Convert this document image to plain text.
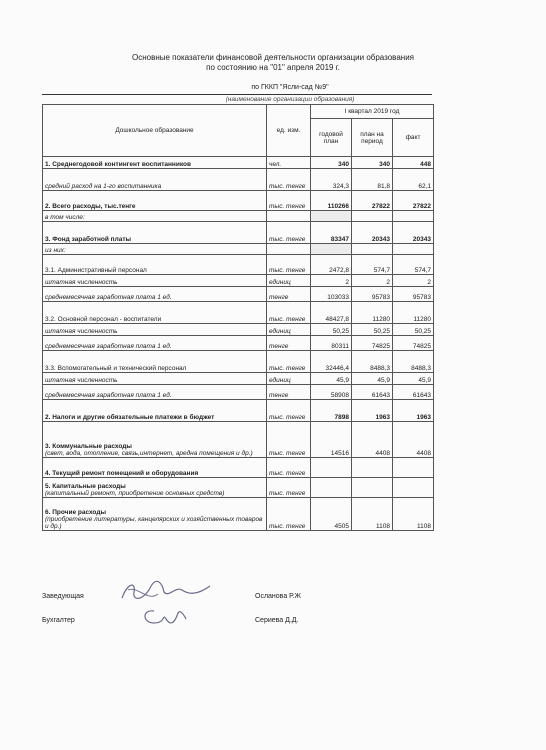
Основные показатели финансовой деятельности организации образования
по состоянию на "01" апреля 2019 г.
по ГККП "Ясли-сад №9"
(наименование организации образования)
Дошкольное образование	ед. изм.	I квартал 2019 год		
		годовой план	план на период	факт

1. Среднегодовой контингент воспитанников	чел.	340	340	448

средний расход на 1-го воспитанника	тыс. тенге	324,3	81,8	62,1

2. Всего расходы, тыс.тенге	тыс. тенге	110266	27822	27822

в том числе:				

3. Фонд заработной платы	тыс. тенге	83347	20343	20343

из них:				

3.1. Административный персонал	тыс. тенге	2472,8	574,7	574,7

штатная численность	единиц	2	2	2

среднемесячная заработная плата 1 ед.	тенге	103033	95783	95783

3.2. Основной персонал - воспитатели	тыс. тенге	48427,8	11280	11280

штатная численность	единиц	50,25	50,25	50,25

среднемесячная заработная плата 1 ед.	тенге	80311	74825	74825

3.3. Вспомогательный и технический персонал	тыс. тенге	32446,4	8488,3	8488,3

штатная численность	единиц	45,9	45,9	45,9

среднемесячная заработная плата 1 ед.	тенге	58908	61643	61643

2. Налоги и другие обязательные платежи в бюджет	тыс. тенге	7898	1963	1963

3. Коммунальные расходы
(свет, вода, отопление, связь,интернет, аредна помещения и др.)	тыс. тенге	14516	4408	4408

4. Текущий ремонт помещений и оборудования	тыс. тенге			

5. Капитальные расходы
(капитальный ремонт, приобретение основных средств)	тыс. тенге			

6. Прочие расходы
(приобретение литературы, канцелярских и хозяйственных товаров и др.)	тыс. тенге	4505	1108	1108
Заведующая	Осланова Р.Ж
Бухгалтер	Сериева Д.Д.
